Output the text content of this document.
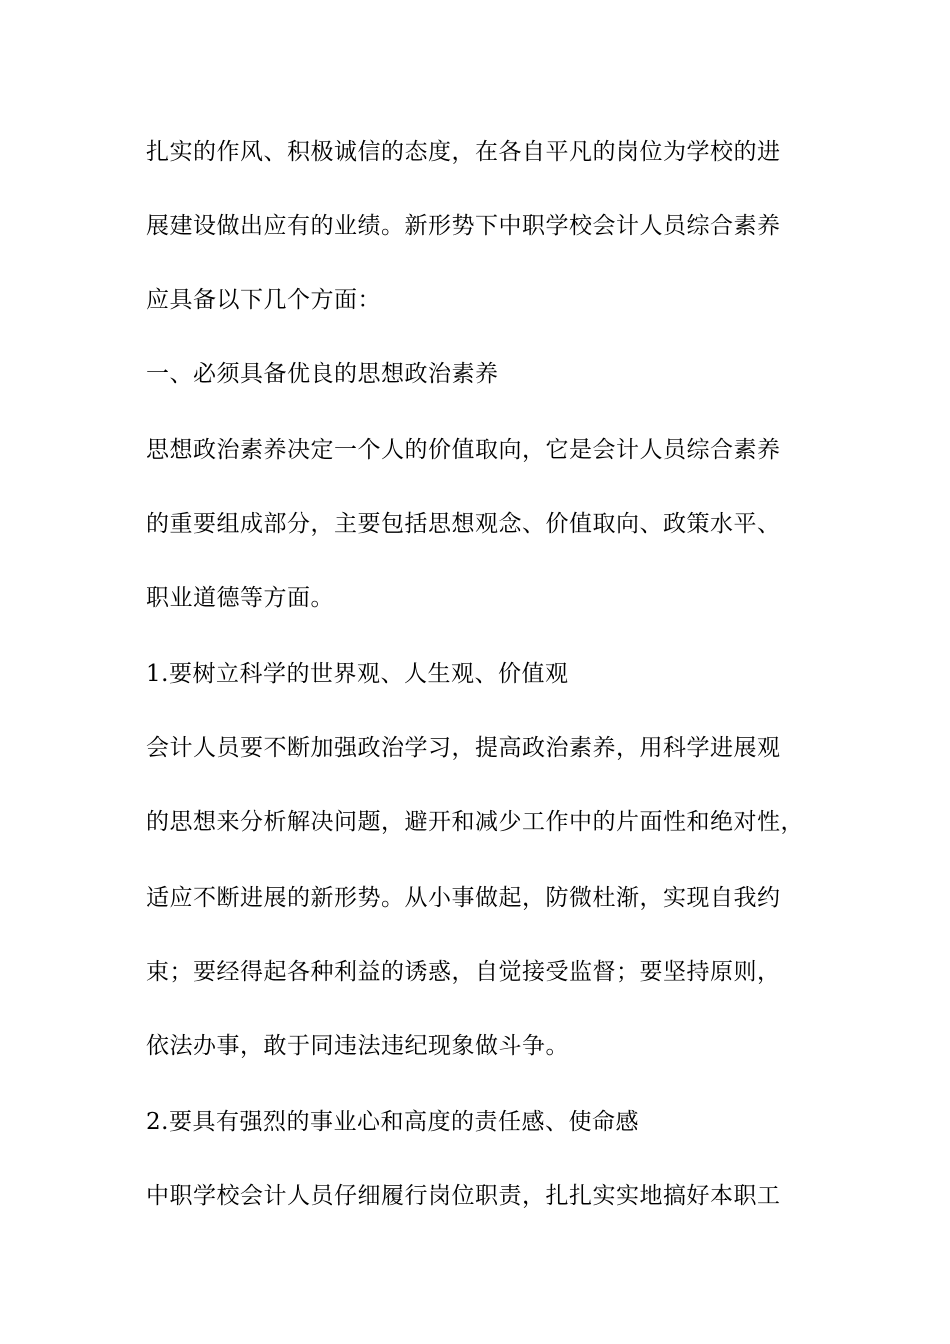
扎实的作风、积极诚信的态度，在各自平凡的岗位为学校的进
展建设做出应有的业绩。新形势下中职学校会计人员综合素养
应具备以下几个方面：
一、必须具备优良的思想政治素养
思想政治素养决定一个人的价值取向，它是会计人员综合素养
的重要组成部分，主要包括思想观念、价值取向、政策水平、
职业道德等方面。
1.要树立科学的世界观、人生观、价值观
会计人员要不断加强政治学习，提高政治素养，用科学进展观
的思想来分析解决问题，避开和减少工作中的片面性和绝对性，
适应不断进展的新形势。从小事做起，防微杜渐，实现自我约
束；要经得起各种利益的诱惑，自觉接受监督；要坚持原则，
依法办事，敢于同违法违纪现象做斗争。
2.要具有强烈的事业心和高度的责任感、使命感
中职学校会计人员仔细履行岗位职责，扎扎实实地搞好本职工
